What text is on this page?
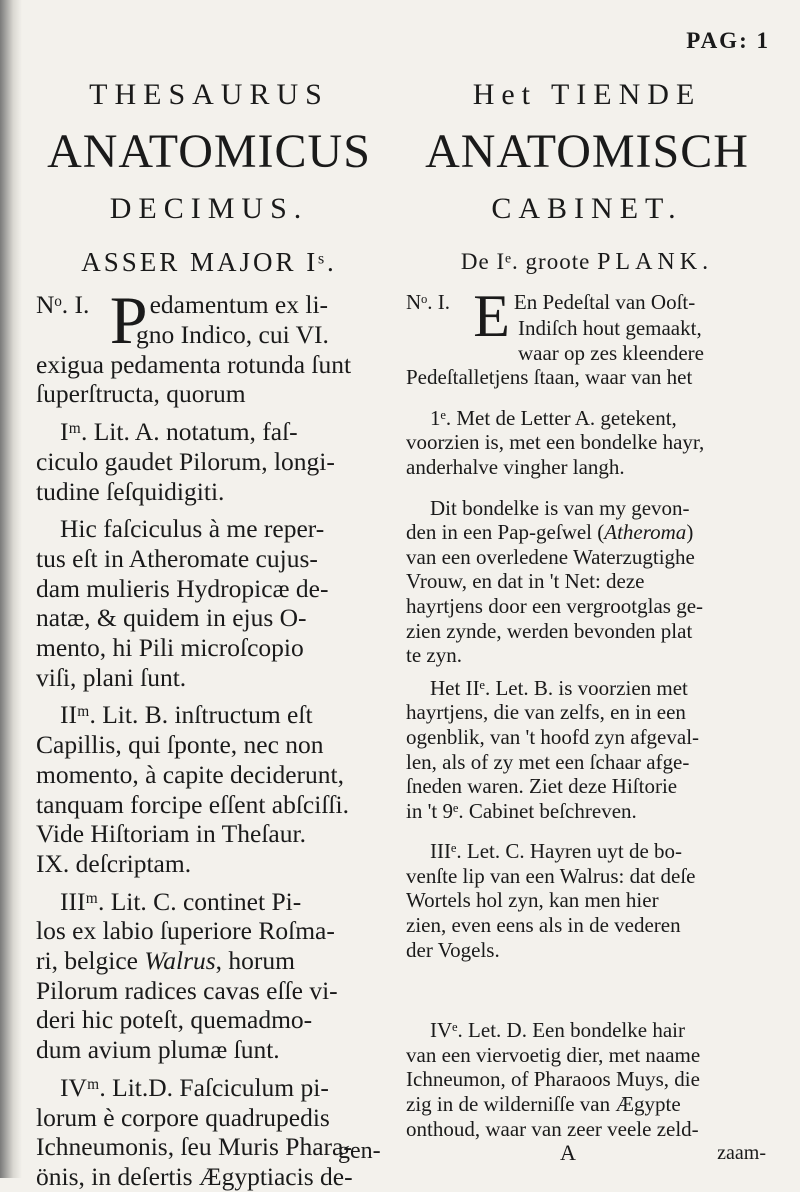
PAG: 1
THESAURUS
ANATOMICUS
DECIMUS.
ASSER MAJOR Iˢ.
Nᵒ. I. Pedamentum ex li-
gno Indico, cui VI.
exigua pedamenta rotunda ſunt
ſuperſtructa, quorum
Iᵐ. Lit. A. notatum, faſ-
ciculo gaudet Pilorum, longi-
tudine ſeſquidigiti.
Hic faſciculus à me reper-
tus eſt in Atheromate cujus-
dam mulieris Hydropicæ de-
natæ, & quidem in ejus O-
mento, hi Pili microſcopio
viſi, plani ſunt.
IIᵐ. Lit. B. inſtructum eſt
Capillis, qui ſponte, nec non
momento, à capite deciderunt,
tanquam forcipe eſſent abſciſſi.
Vide Hiſtoriam in Theſaur.
IX. deſcriptam.
IIIᵐ. Lit. C. continet Pi-
los ex labio ſuperiore Roſma-
ri, belgice Walrus, horum
Pilorum radices cavas eſſe vi-
deri hic poteſt, quemadmo-
dum avium plumæ ſunt.
IVᵐ. Lit.D. Faſciculum pi-
lorum è corpore quadrupedis
Ichneumonis, ſeu Muris Phara-
önis, in deſertis Ægyptiacis de-
gen-
Het TIENDE
ANATOMISCH
CABINET.
De Iᵉ. groote PLANK.
Nᵒ. I. E En Pedeſtal van Ooſt-
Indiſch hout gemaakt,
waar op zes kleendere
Pedeſtalletjens ſtaan, waar van het
1ᵉ. Met de Letter A. getekent,
voorzien is, met een bondelke hayr,
anderhalve vingher langh.
Dit bondelke is van my gevon-
den in een Pap-geſwel (Atheroma)
van een overledene Waterzugtighe
Vrouw, en dat in 't Net: deze
hayrtjens door een vergrootglas ge-
zien zynde, werden bevonden plat
te zyn.
Het IIᵉ. Let. B. is voorzien met
hayrtjens, die van zelfs, en in een
ogenblik, van 't hoofd zyn afgeval-
len, als of zy met een ſchaar afge-
ſneden waren. Ziet deze Hiſtorie
in 't 9ᵉ. Cabinet beſchreven.
IIIᵉ. Let. C. Hayren uyt de bo-
venſte lip van een Walrus: dat deſe
Wortels hol zyn, kan men hier
zien, even eens als in de vederen
der Vogels.
IVᵉ. Let. D. Een bondelke hair
van een viervoetig dier, met naame
Ichneumon, of Pharaoos Muys, die
zig in de wilderniſſe van Ægypte
onthoud, waar van zeer veele zeld-
A	zaam-
